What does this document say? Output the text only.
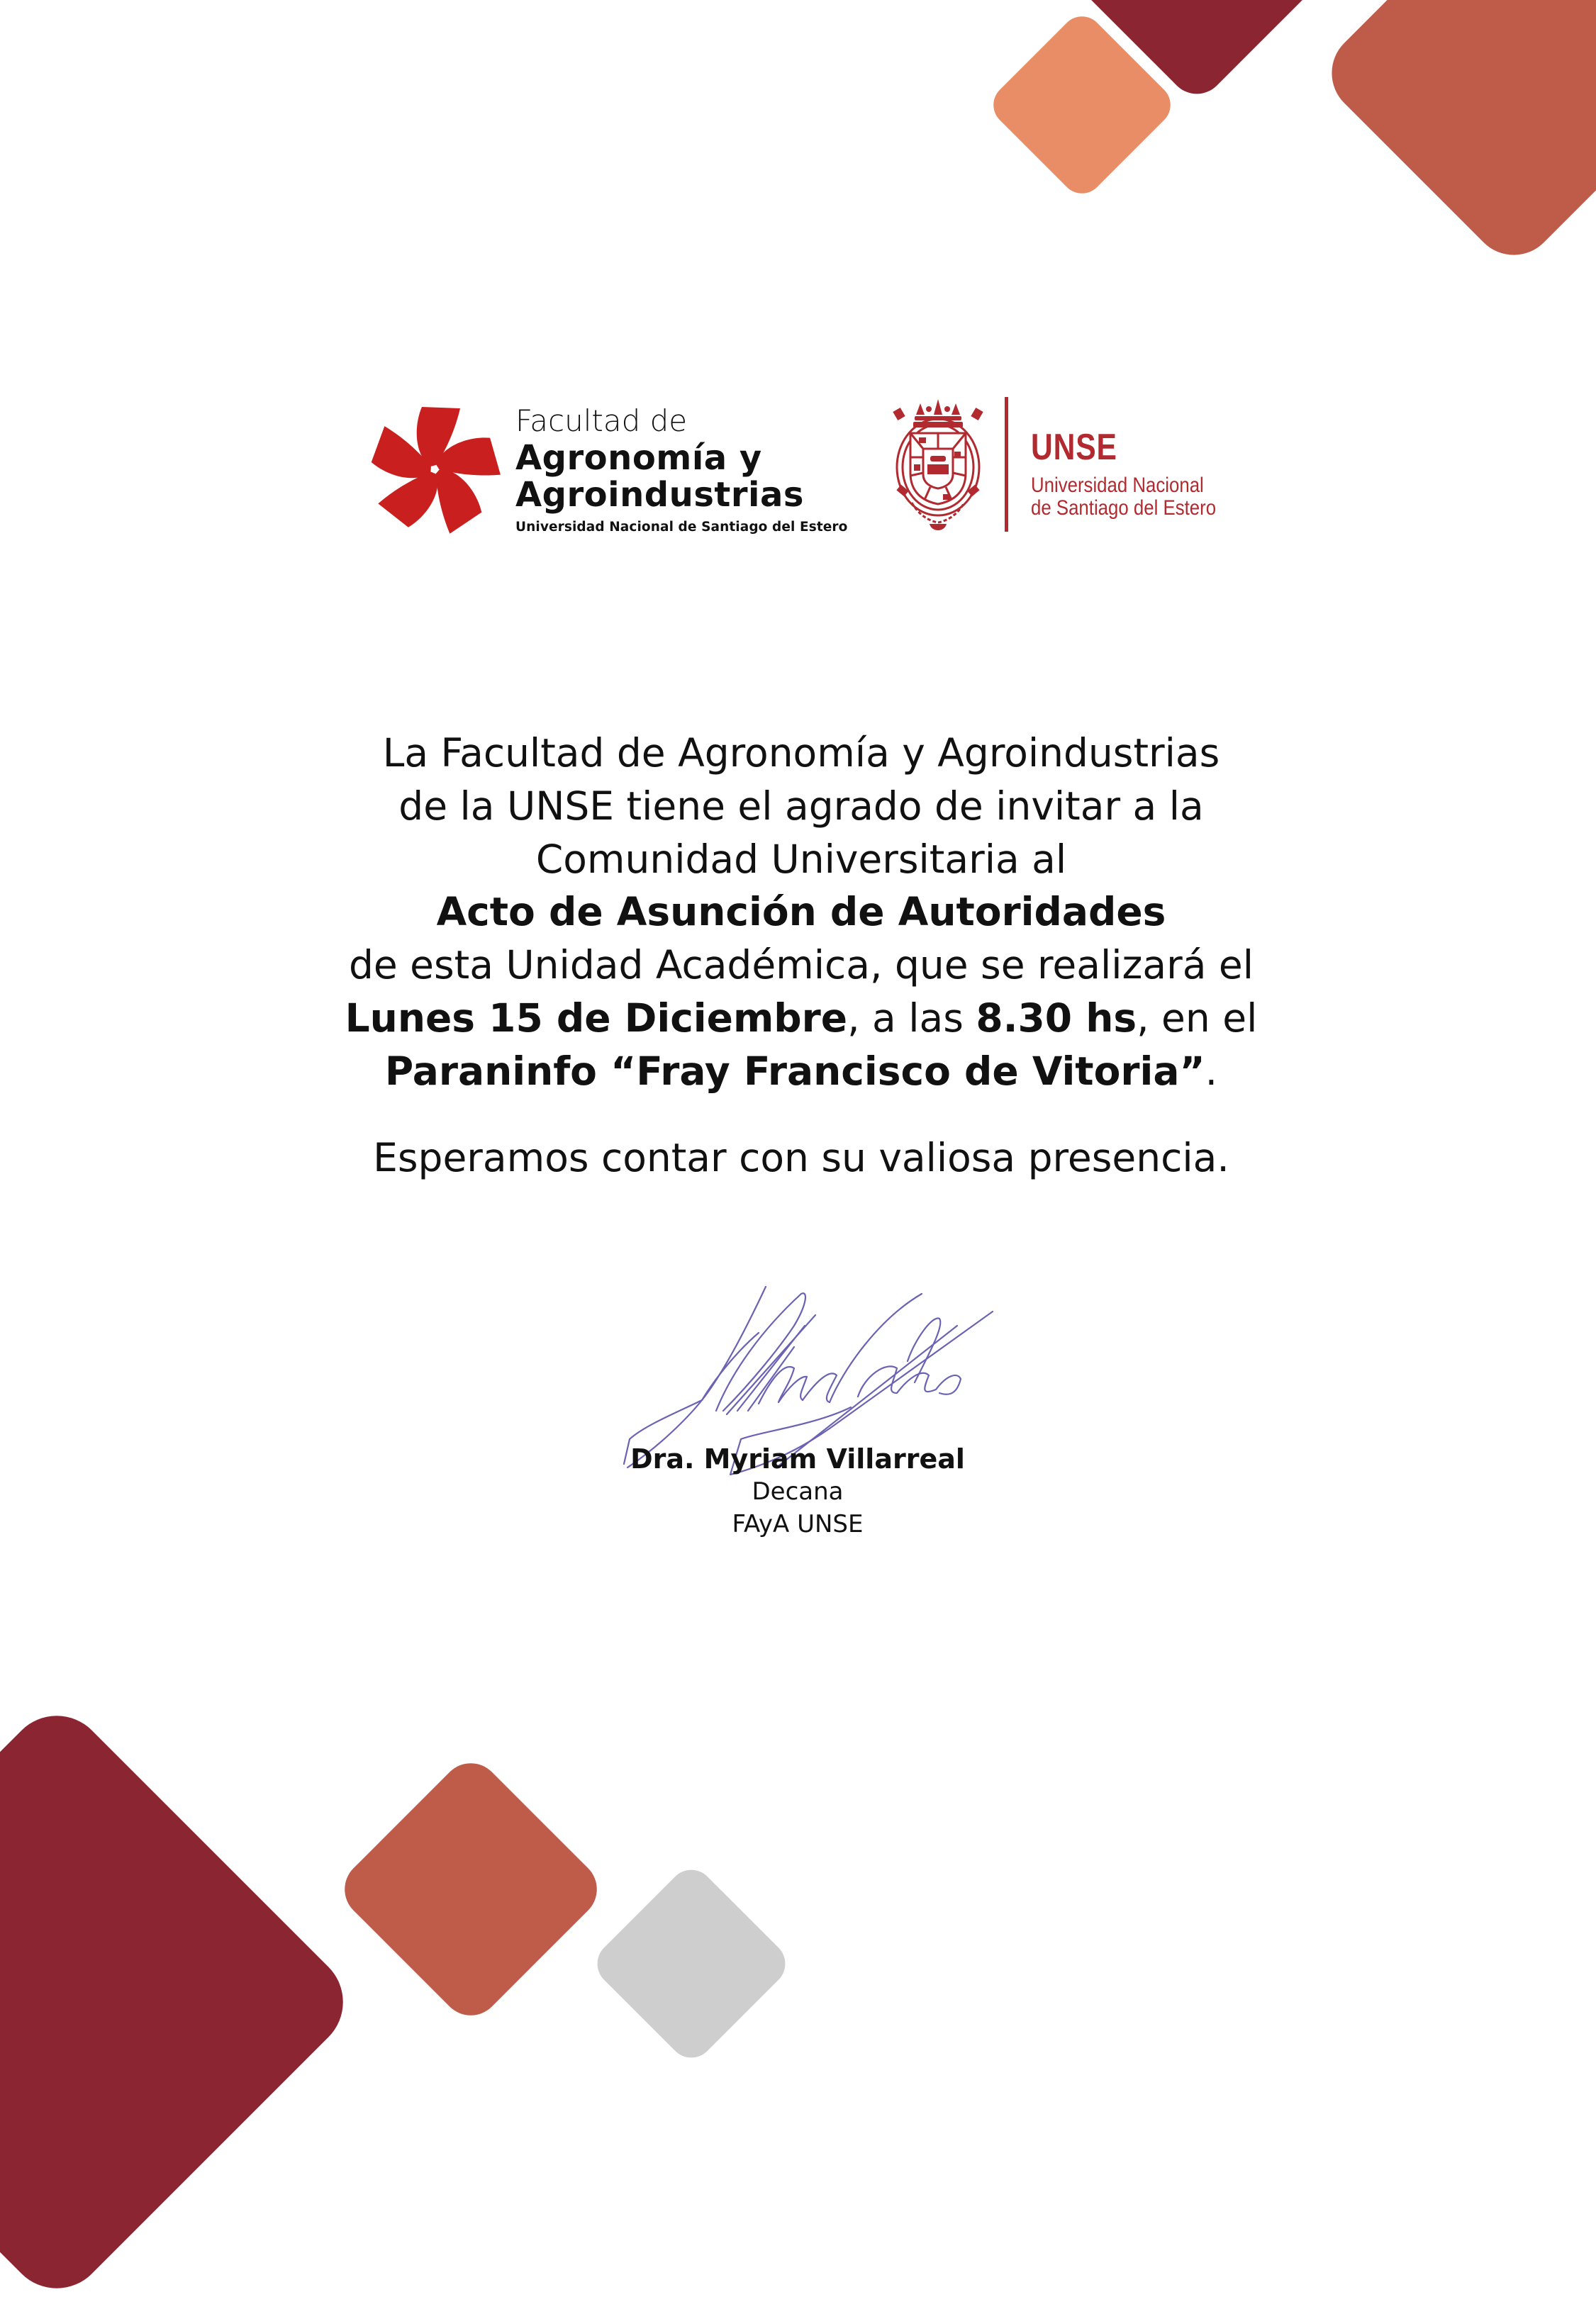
Facultad de
Agronomía y
Agroindustrias
Universidad Nacional de Santiago del Estero
UNSE
Universidad Nacional
de Santiago del Estero
La Facultad de Agronomía y Agroindustrias
de la UNSE tiene el agrado de invitar a la
Comunidad Universitaria al
Acto de Asunción de Autoridades
de esta Unidad Académica, que se realizará el
Lunes 15 de Diciembre, a las 8.30 hs, en el
Paraninfo “Fray Francisco de Vitoria”.
Esperamos contar con su valiosa presencia.
Dra. Myriam Villarreal
Decana
FAyA UNSE
